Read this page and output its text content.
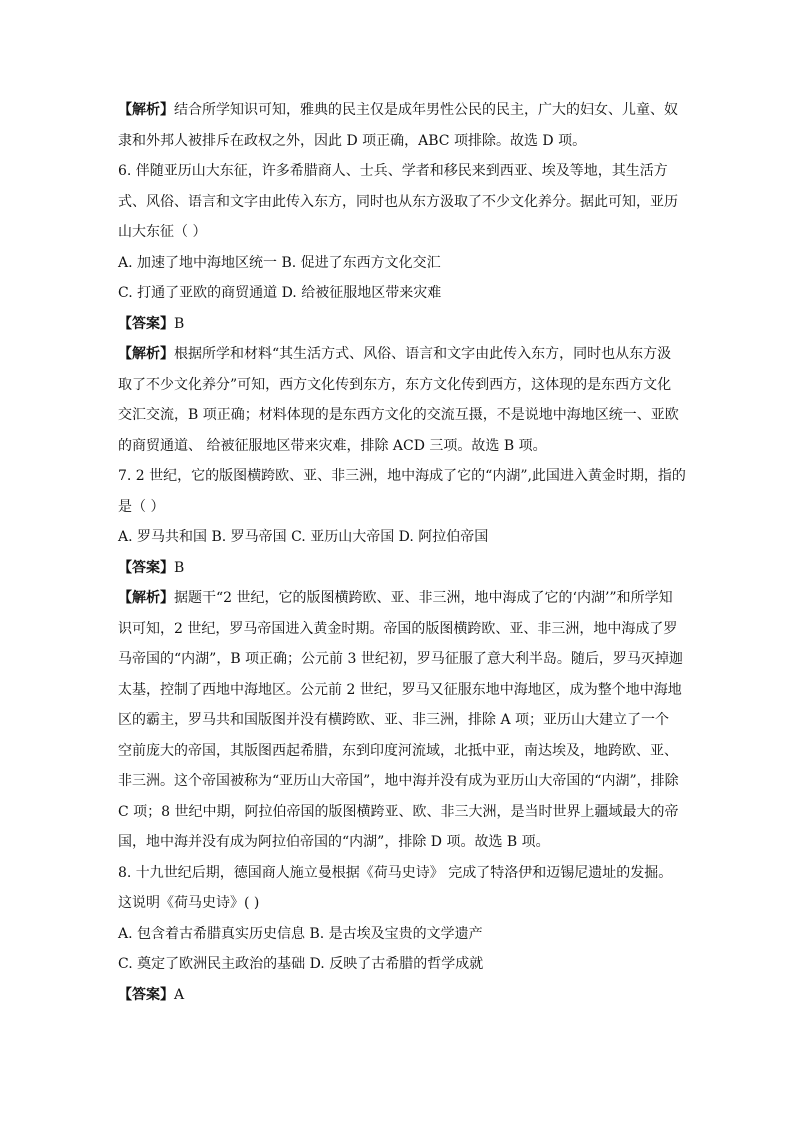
【解析】结合所学知识可知，雅典的民主仅是成年男性公民的民主，广大的妇女、儿童、奴
隶和外邦人被排斥在政权之外，因此 D 项正确，ABC 项排除。故选 D 项。
6. 伴随亚历山大东征，许多希腊商人、士兵、学者和移民来到西亚、埃及等地，其生活方
式、风俗、语言和文字由此传入东方，同时也从东方汲取了不少文化养分。据此可知，亚历
山大东征（ ）
A. 加速了地中海地区统一 B. 促进了东西方文化交汇
C. 打通了亚欧的商贸通道 D. 给被征服地区带来灾难
【答案】B
【解析】根据所学和材料“其生活方式、风俗、语言和文字由此传入东方，同时也从东方汲
取了不少文化养分”可知，西方文化传到东方，东方文化传到西方，这体现的是东西方文化
交汇交流，B 项正确；材料体现的是东西方文化的交流互摄，不是说地中海地区统一、亚欧
的商贸通道、 给被征服地区带来灾难，排除 ACD 三项。故选 B 项。
7. 2 世纪，它的版图横跨欧、亚、非三洲，地中海成了它的“内湖”,此国进入黄金时期，指的
是（ ）
A. 罗马共和国 B. 罗马帝国 C. 亚历山大帝国 D. 阿拉伯帝国
【答案】B
【解析】据题干“2 世纪，它的版图横跨欧、亚、非三洲，地中海成了它的‘内湖’”和所学知
识可知，2 世纪，罗马帝国进入黄金时期。帝国的版图横跨欧、亚、非三洲，地中海成了罗
马帝国的“内湖”，B 项正确；公元前 3 世纪初，罗马征服了意大利半岛。随后，罗马灭掉迦
太基，控制了西地中海地区。公元前 2 世纪，罗马又征服东地中海地区，成为整个地中海地
区的霸主，罗马共和国版图并没有横跨欧、亚、非三洲，排除 A 项；亚历山大建立了一个
空前庞大的帝国，其版图西起希腊，东到印度河流域，北抵中亚，南达埃及，地跨欧、亚、
非三洲。这个帝国被称为“亚历山大帝国”，地中海并没有成为亚历山大帝国的“内湖”，排除
C 项；8 世纪中期，阿拉伯帝国的版图横跨亚、欧、非三大洲，是当时世界上疆域最大的帝
国，地中海并没有成为阿拉伯帝国的“内湖”，排除 D 项。故选 B 项。
8. 十九世纪后期，德国商人施立曼根据《荷马史诗》 完成了特洛伊和迈锡尼遗址的发掘。
这说明《荷马史诗》( )
A. 包含着古希腊真实历史信息 B. 是古埃及宝贵的文学遗产
C. 奠定了欧洲民主政治的基础 D. 反映了古希腊的哲学成就
【答案】A
